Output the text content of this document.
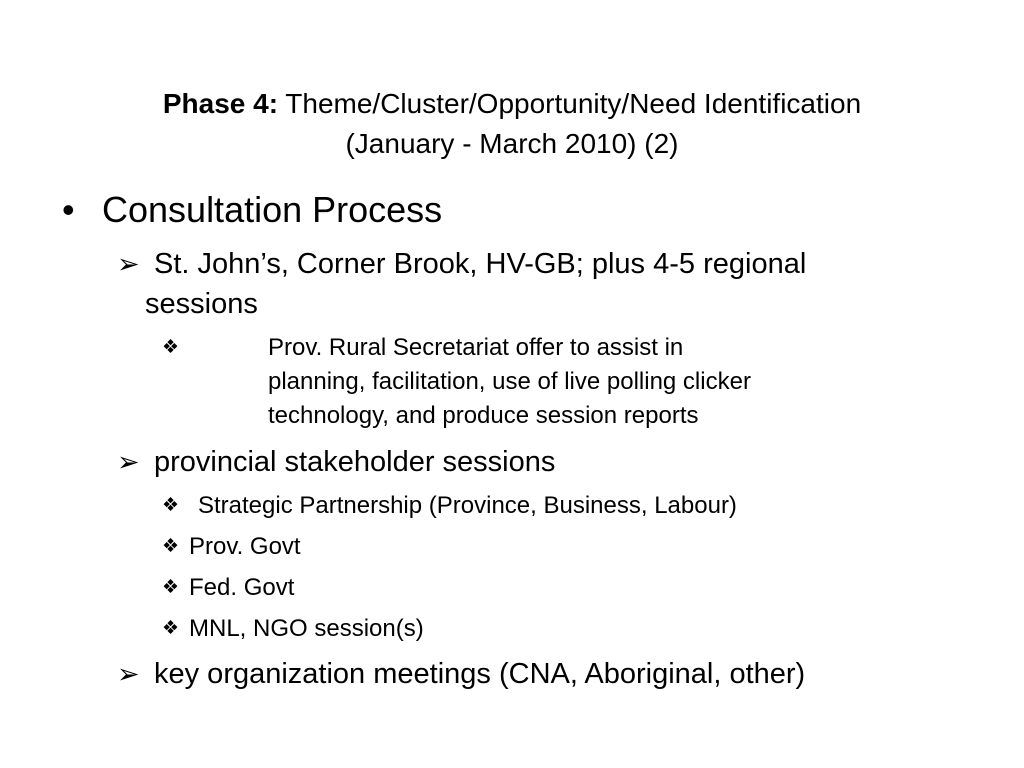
Phase 4: Theme/Cluster/Opportunity/Need Identification
(January - March 2010) (2)
• Consultation Process
➢ St. John’s, Corner Brook, HV-GB; plus 4-5 regional
sessions
❖	Prov. Rural Secretariat offer to assist in
planning, facilitation, use of live polling clicker
technology, and produce session reports
➢ provincial stakeholder sessions
❖ Strategic Partnership (Province, Business, Labour)
❖ Prov. Govt
❖ Fed. Govt
❖ MNL, NGO session(s)
➢ key organization meetings (CNA, Aboriginal, other)
